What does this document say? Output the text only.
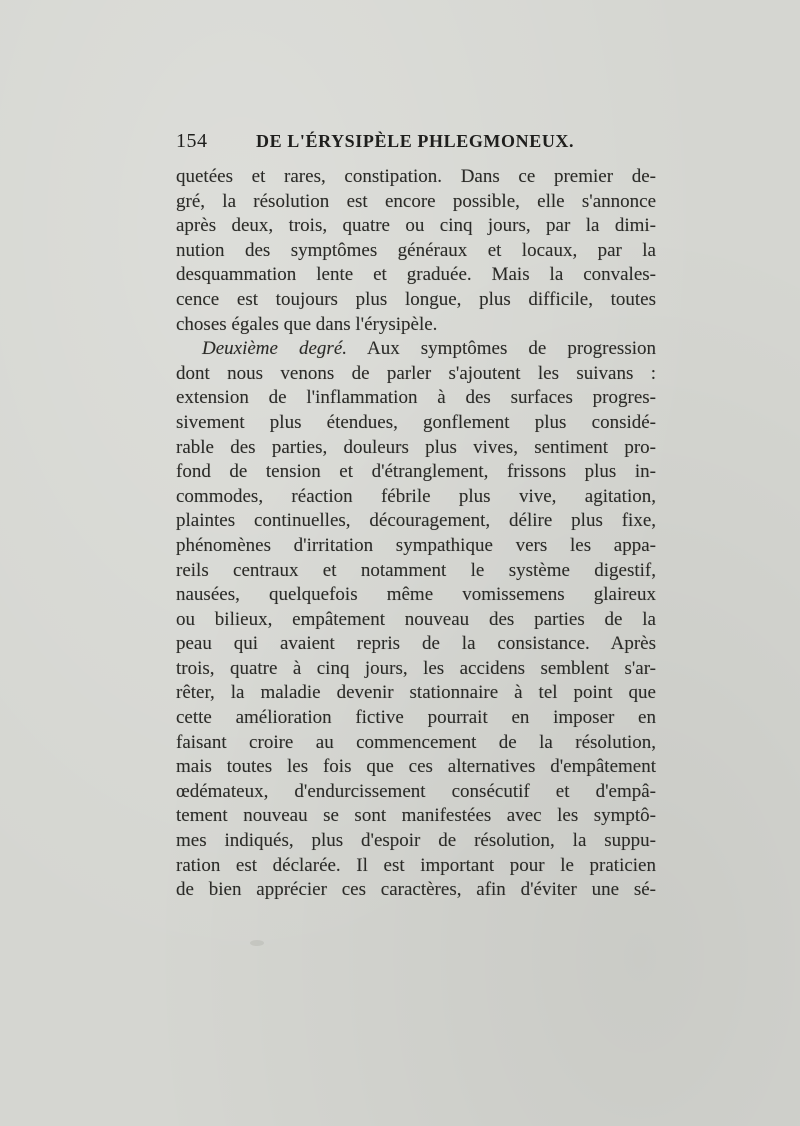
154	DE L'ÉRYSIPÈLE PHLEGMONEUX.
quetées et rares, constipation. Dans ce premier de-
gré, la résolution est encore possible, elle s'annonce
après deux, trois, quatre ou cinq jours, par la dimi-
nution des symptômes généraux et locaux, par la
desquammation lente et graduée. Mais la convales-
cence est toujours plus longue, plus difficile, toutes
choses égales que dans l'érysipèle.
Deuxième degré. Aux symptômes de progression
dont nous venons de parler s'ajoutent les suivans :
extension de l'inflammation à des surfaces progres-
sivement plus étendues, gonflement plus considé-
rable des parties, douleurs plus vives, sentiment pro-
fond de tension et d'étranglement, frissons plus in-
commodes, réaction fébrile plus vive, agitation,
plaintes continuelles, découragement, délire plus fixe,
phénomènes d'irritation sympathique vers les appa-
reils centraux et notamment le système digestif,
nausées, quelquefois même vomissemens glaireux
ou bilieux, empâtement nouveau des parties de la
peau qui avaient repris de la consistance. Après
trois, quatre à cinq jours, les accidens semblent s'ar-
rêter, la maladie devenir stationnaire à tel point que
cette amélioration fictive pourrait en imposer en
faisant croire au commencement de la résolution,
mais toutes les fois que ces alternatives d'empâtement
œdémateux, d'endurcissement consécutif et d'empâ-
tement nouveau se sont manifestées avec les symptô-
mes indiqués, plus d'espoir de résolution, la suppu-
ration est déclarée. Il est important pour le praticien
de bien apprécier ces caractères, afin d'éviter une sé-
